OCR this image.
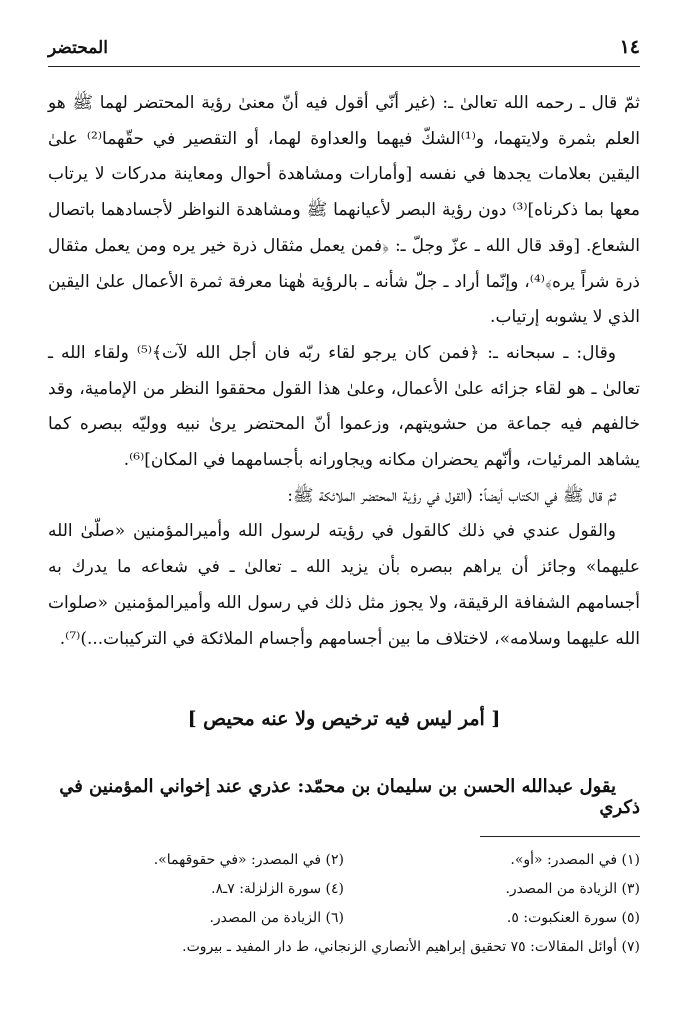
١٤
المحتضر

ثمّ قال ـ رحمه الله تعالىٰ ـ: (غير أنّي أقول فيه أنّ معنىٰ رؤية المحتضر لهما ﷺ هو العلم بثمرة ولايتهما، و⁽¹⁾الشكّ فيهما والعداوة لهما، أو التقصير في حقّهما⁽²⁾ علىٰ اليقين بعلامات يجدها في نفسه [وأمارات ومشاهدة أحوال ومعاينة مدركات لا يرتاب معها بما ذكرناه]⁽³⁾ دون رؤية البصر لأعيانهما ﷺ ومشاهدة النواظر لأجسادهما باتصال الشعاع. [وقد قال الله ـ عزّ وجلّ ـ: ﴿فمن يعمل مثقال ذرة خير يره ومن يعمل مثقال ذرة شراً يره﴾⁽⁴⁾، وإنّما أراد ـ جلّ شأنه ـ بالرؤية هٰهنا معرفة ثمرة الأعمال علىٰ اليقين الذي لا يشوبه إرتياب.

وقال: ـ سبحانه ـ: ﴿فمن كان يرجو لقاء ربّه فان أجل الله لآت﴾⁽⁵⁾ ولقاء الله ـ تعالىٰ ـ هو لقاء جزائه علىٰ الأعمال، وعلىٰ هذا القول محققوا النظر من الإمامية، وقد خالفهم فيه جماعة من حشويتهم، وزعموا أنّ المحتضر يرىٰ نبيه ووليّه ببصره كما يشاهد المرئيات، وأنّهم يحضران مكانه ويجاورانه بأجسامهما في المكان]⁽⁶⁾.

ثمّ قال ﷺ في الكتاب أيضاً: (القول في رؤية المحتضر الملائكة ﷺ:

والقول عندي في ذلك كالقول في رؤيته لرسول الله وأميرالمؤمنين «صلّىٰ الله عليهما» وجائز أن يراهم ببصره بأن يزيد الله ـ تعالىٰ ـ في شعاعه ما يدرك به أجسامهم الشفافة الرقيقة، ولا يجوز مثل ذلك في رسول الله وأميرالمؤمنين «صلوات الله عليهما وسلامه»، لاختلاف ما بين أجسامهم وأجسام الملائكة في التركيبات...)⁽⁷⁾.

[ أمر ليس فيه ترخيص ولا عنه محيص ]
يقول عبدالله الحسن بن سليمان بن محمّد: عذري عند إخواني المؤمنين في ذكري
(١) في المصدر: «أو».
(٢) في المصدر: «في حقوقهما».
(٣) الزيادة من المصدر.
(٤) سورة الزلزلة: ٧ـ٨.
(٥) سورة العنكبوت: ٥.
(٦) الزيادة من المصدر.
(٧) أوائل المقالات: ٧٥ تحقيق إبراهيم الأنصاري الزنجاني، ط دار المفيد ـ بيروت.
